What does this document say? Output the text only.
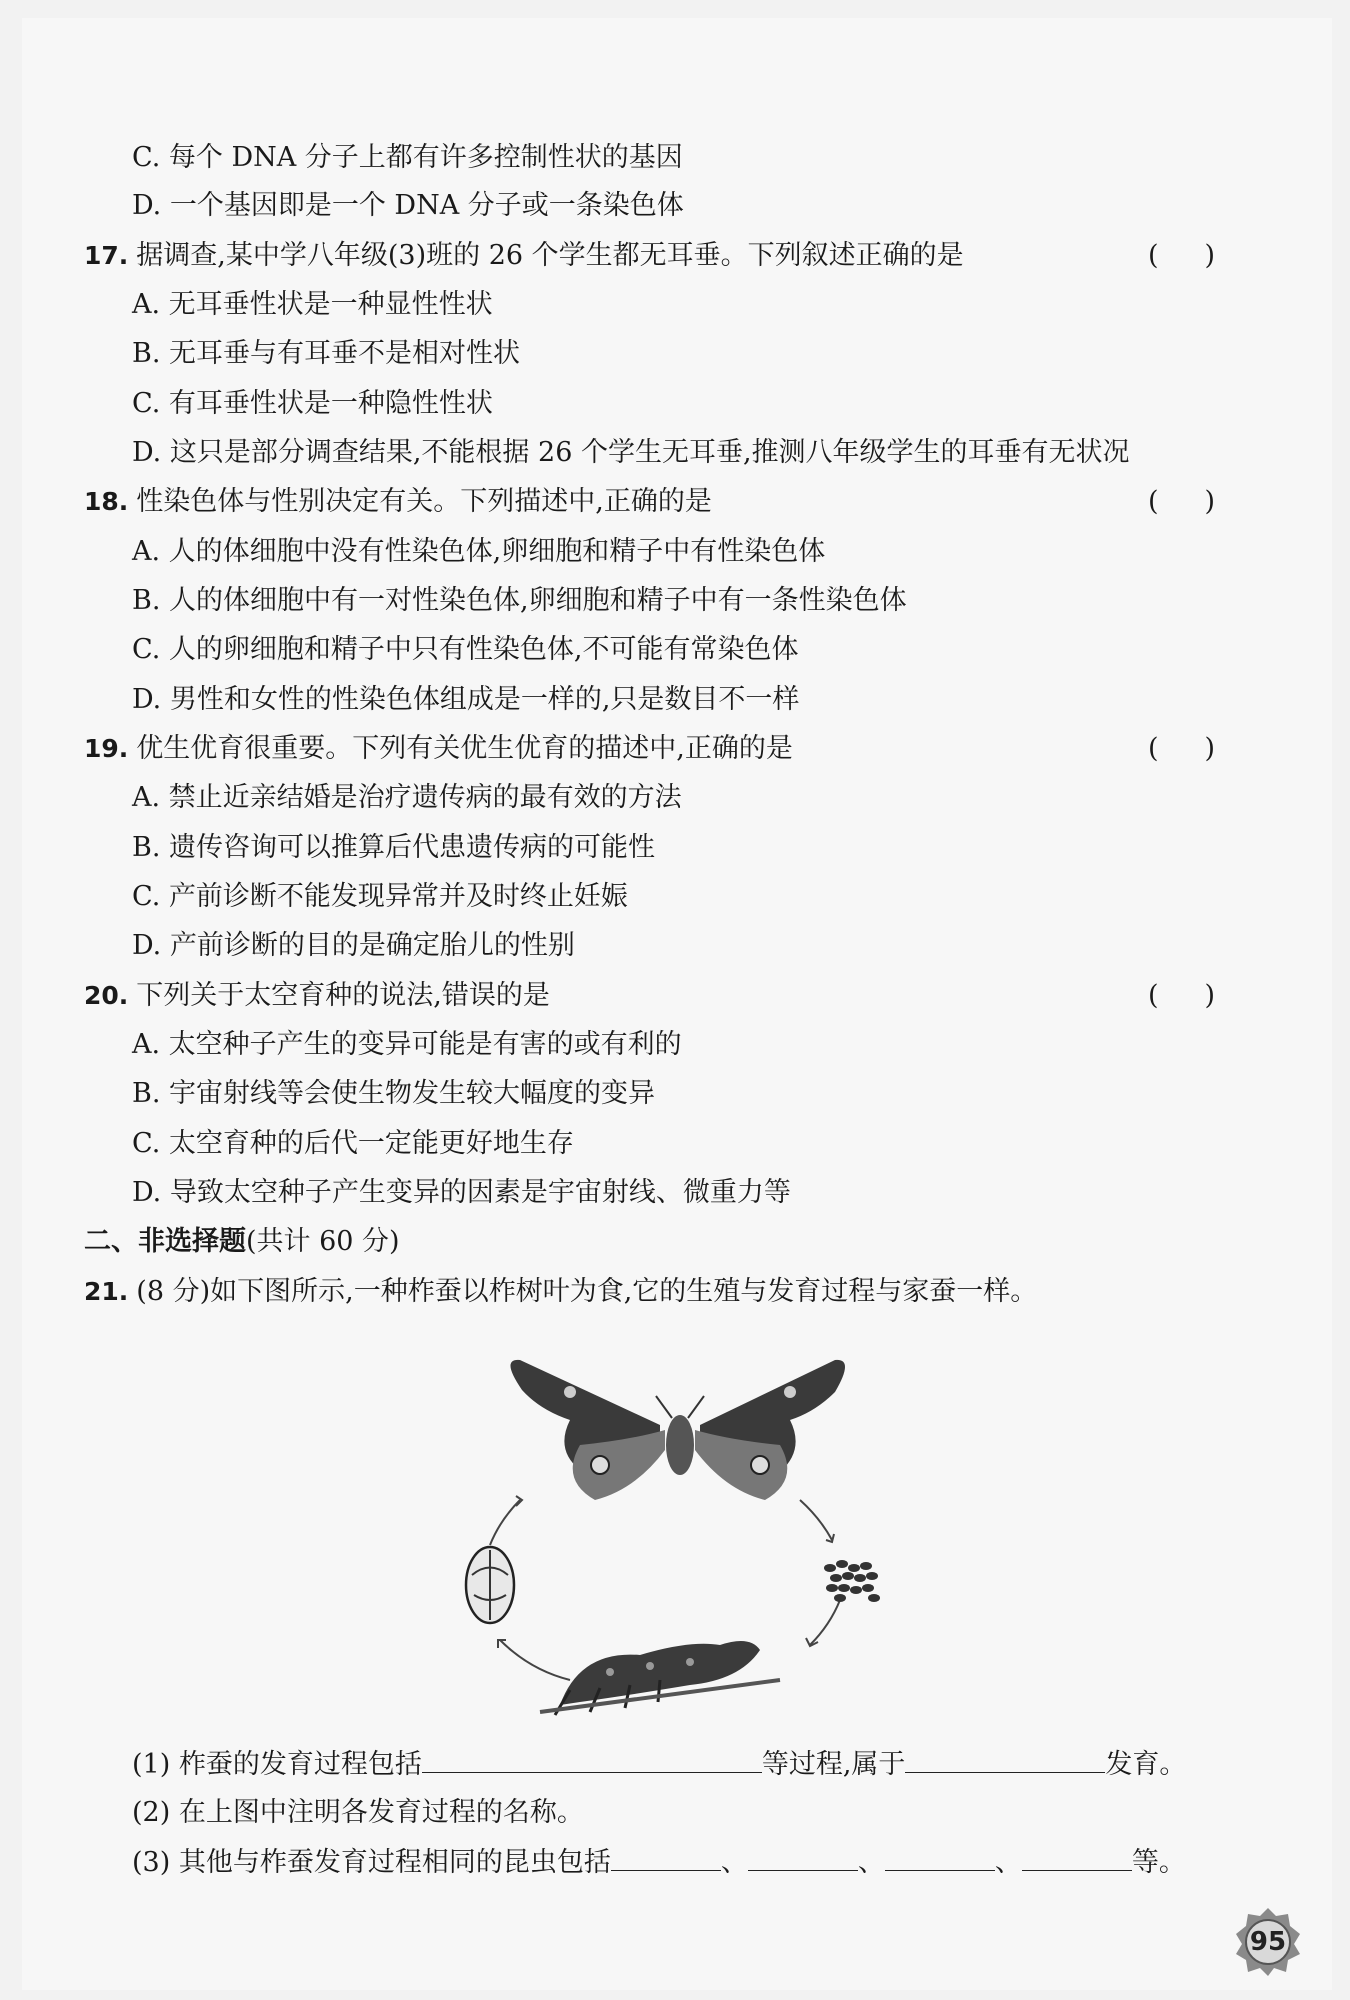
C. 每个 DNA 分子上都有许多控制性状的基因
D. 一个基因即是一个 DNA 分子或一条染色体
17. 据调查,某中学八年级(3)班的 26 个学生都无耳垂。下列叙述正确的是	()
A. 无耳垂性状是一种显性性状
B. 无耳垂与有耳垂不是相对性状
C. 有耳垂性状是一种隐性性状
D. 这只是部分调查结果,不能根据 26 个学生无耳垂,推测八年级学生的耳垂有无状况
18. 性染色体与性别决定有关。下列描述中,正确的是	()
A. 人的体细胞中没有性染色体,卵细胞和精子中有性染色体
B. 人的体细胞中有一对性染色体,卵细胞和精子中有一条性染色体
C. 人的卵细胞和精子中只有性染色体,不可能有常染色体
D. 男性和女性的性染色体组成是一样的,只是数目不一样
19. 优生优育很重要。下列有关优生优育的描述中,正确的是	()
A. 禁止近亲结婚是治疗遗传病的最有效的方法
B. 遗传咨询可以推算后代患遗传病的可能性
C. 产前诊断不能发现异常并及时终止妊娠
D. 产前诊断的目的是确定胎儿的性别
20. 下列关于太空育种的说法,错误的是	()
A. 太空种子产生的变异可能是有害的或有利的
B. 宇宙射线等会使生物发生较大幅度的变异
C. 太空育种的后代一定能更好地生存
D. 导致太空种子产生变异的因素是宇宙射线、微重力等
二、非选择题(共计 60 分)
21. (8 分)如下图所示,一种柞蚕以柞树叶为食,它的生殖与发育过程与家蚕一样。
(1) 柞蚕的发育过程包括	等过程,属于	发育。
(2) 在上图中注明各发育过程的名称。
(3) 其他与柞蚕发育过程相同的昆虫包括	、	、	、	等。
95
